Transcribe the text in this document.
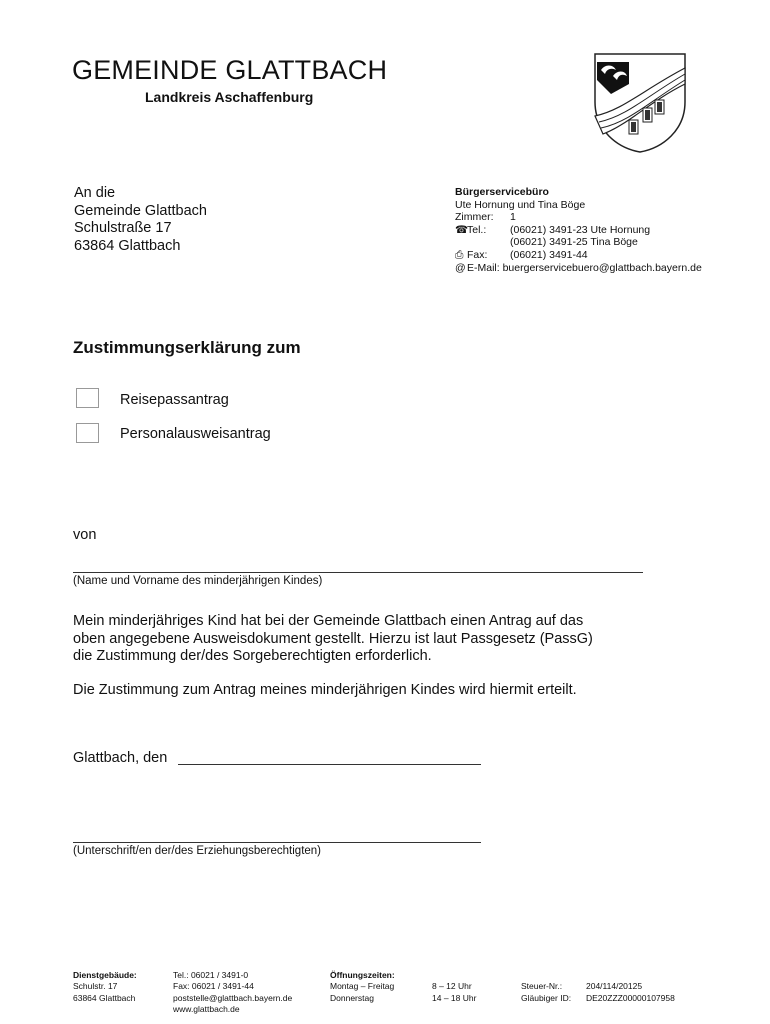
GEMEINDE GLATTBACH
Landkreis Aschaffenburg
An die
Gemeinde Glattbach
Schulstraße 17
63864 Glattbach
Bürgerservicebüro
Ute Hornung und Tina Böge
Zimmer: 1
☎Tel.: (06021) 3491-23 Ute Hornung
(06021) 3491-25 Tina Böge
⎙ Fax: (06021) 3491-44
@E-Mail: buergerservicebuero@glattbach.bayern.de
Zustimmungserklärung zum
Reisepassantrag
Personalausweisantrag
von
(Name und Vorname des minderjährigen Kindes)
Mein minderjähriges Kind hat bei der Gemeinde Glattbach einen Antrag auf das
oben angegebene Ausweisdokument gestellt. Hierzu ist laut Passgesetz (PassG)
die Zustimmung der/des Sorgeberechtigten erforderlich.
Die Zustimmung zum Antrag meines minderjährigen Kindes wird hiermit erteilt.
Glattbach, den
(Unterschrift/en der/des Erziehungsberechtigten)
Dienstgebäude:
Schulstr. 17
63864 Glattbach
Tel.: 06021 / 3491-0
Fax: 06021 / 3491-44
poststelle@glattbach.bayern.de
www.glattbach.de
Öffnungszeiten:
Montag – Freitag
Donnerstag

8 – 12 Uhr
14 – 18 Uhr

Steuer-Nr.:
Gläubiger ID:

204/114/20125
DE20ZZZ00000107958
